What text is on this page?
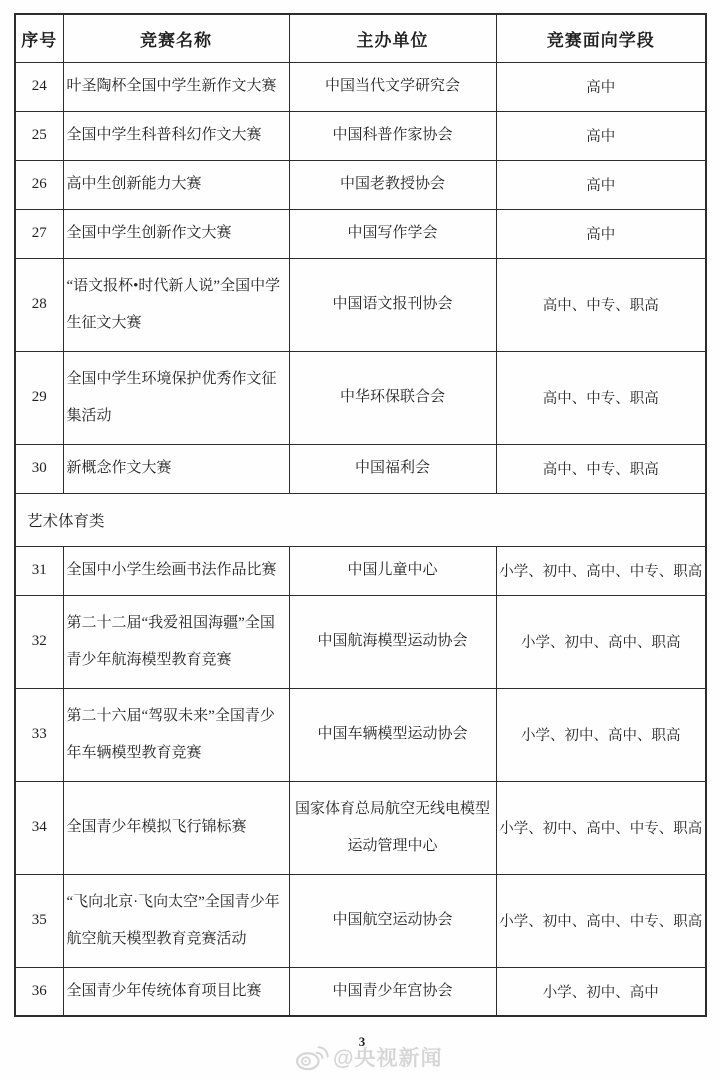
序号	竞赛名称	主办单位	竞赛面向学段
24	叶圣陶杯全国中学生新作文大赛	中国当代文学研究会	高中
25	全国中学生科普科幻作文大赛	中国科普作家协会	高中
26	高中生创新能力大赛	中国老教授协会	高中
27	全国中学生创新作文大赛	中国写作学会	高中
28	“语文报杯•时代新人说”全国中学生征文大赛	中国语文报刊协会	高中、中专、职高
29	全国中学生环境保护优秀作文征集活动	中华环保联合会	高中、中专、职高
30	新概念作文大赛	中国福利会	高中、中专、职高
艺术体育类			
31	全国中小学生绘画书法作品比赛	中国儿童中心	小学、初中、高中、中专、职高
32	第二十二届“我爱祖国海疆”全国青少年航海模型教育竞赛	中国航海模型运动协会	小学、初中、高中、职高
33	第二十六届“驾驭未来”全国青少年车辆模型教育竞赛	中国车辆模型运动协会	小学、初中、高中、职高
34	全国青少年模拟飞行锦标赛	国家体育总局航空无线电模型运动管理中心	小学、初中、高中、中专、职高
35	“飞向北京·飞向太空”全国青少年航空航天模型教育竞赛活动	中国航空运动协会	小学、初中、高中、中专、职高
36	全国青少年传统体育项目比赛	中国青少年宫协会	小学、初中、高中
3
@央视新闻
